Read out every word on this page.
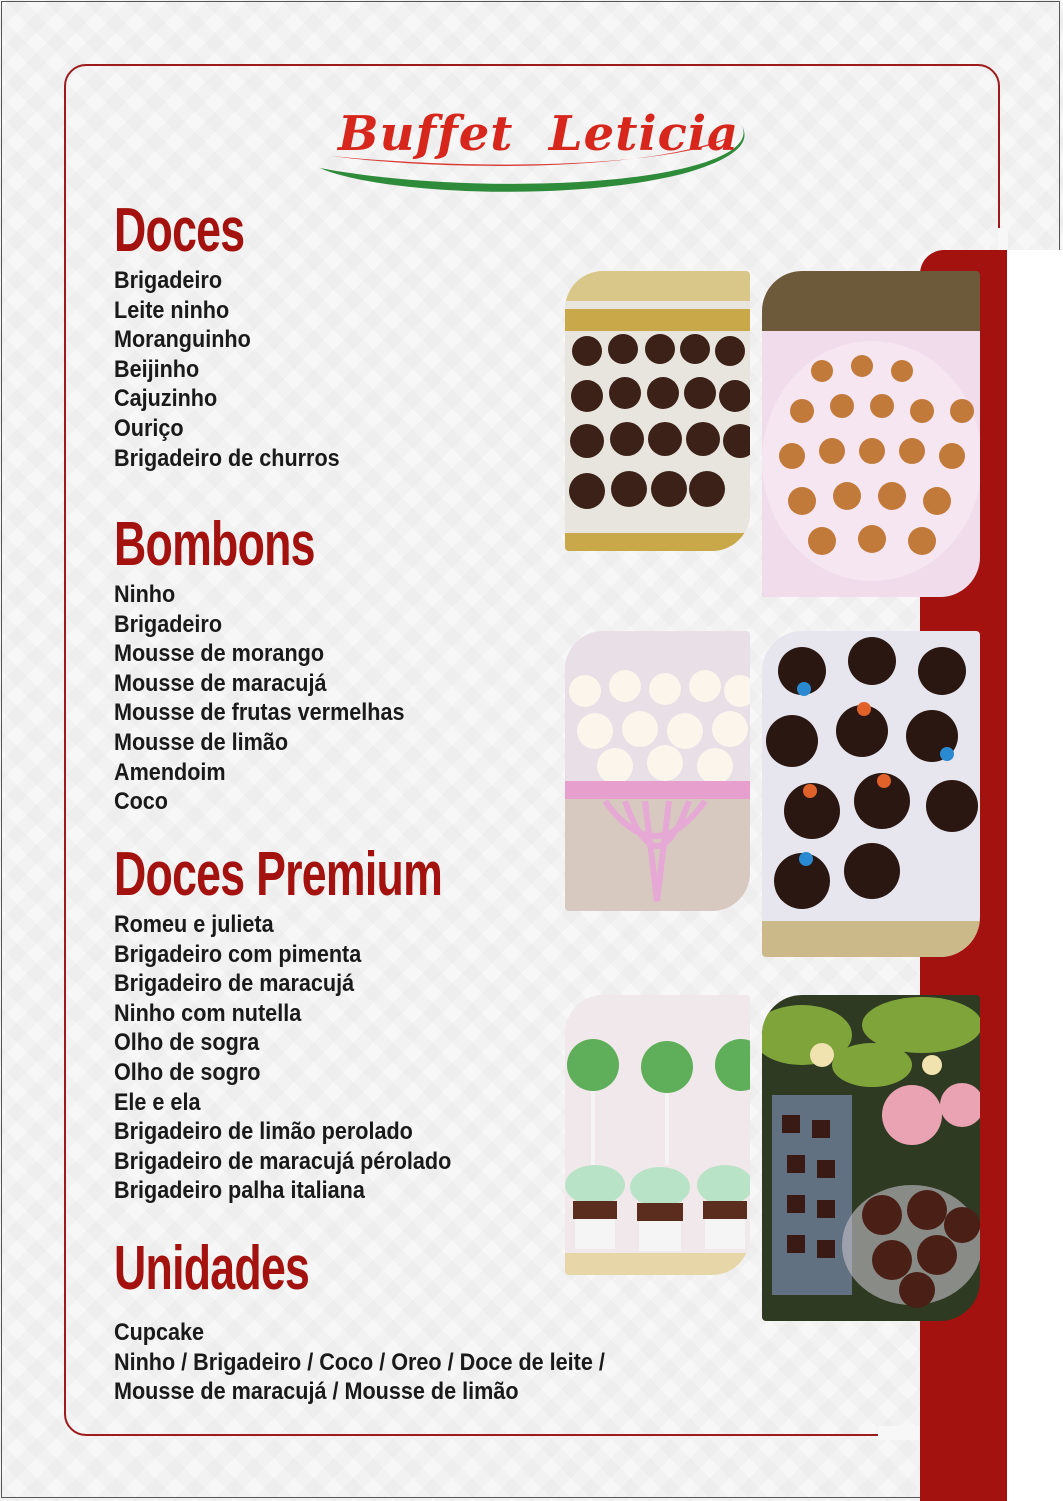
Buffet  Leticia
Doces
Brigadeiro
Leite ninho
Moranguinho
Beijinho
Cajuzinho
Ouriço
Brigadeiro de churros
Bombons
Ninho
Brigadeiro
Mousse de morango
Mousse de maracujá
Mousse de frutas vermelhas
Mousse de limão
Amendoim
Coco
Doces Premium
Romeu e julieta
Brigadeiro com pimenta
Brigadeiro de maracujá
Ninho com nutella
Olho de sogra
Olho de sogro
Ele e ela
Brigadeiro de limão perolado
Brigadeiro de maracujá pérolado
Brigadeiro palha italiana
Unidades
Cupcake
Ninho / Brigadeiro / Coco / Oreo / Doce de leite /
Mousse de maracujá / Mousse de limão
